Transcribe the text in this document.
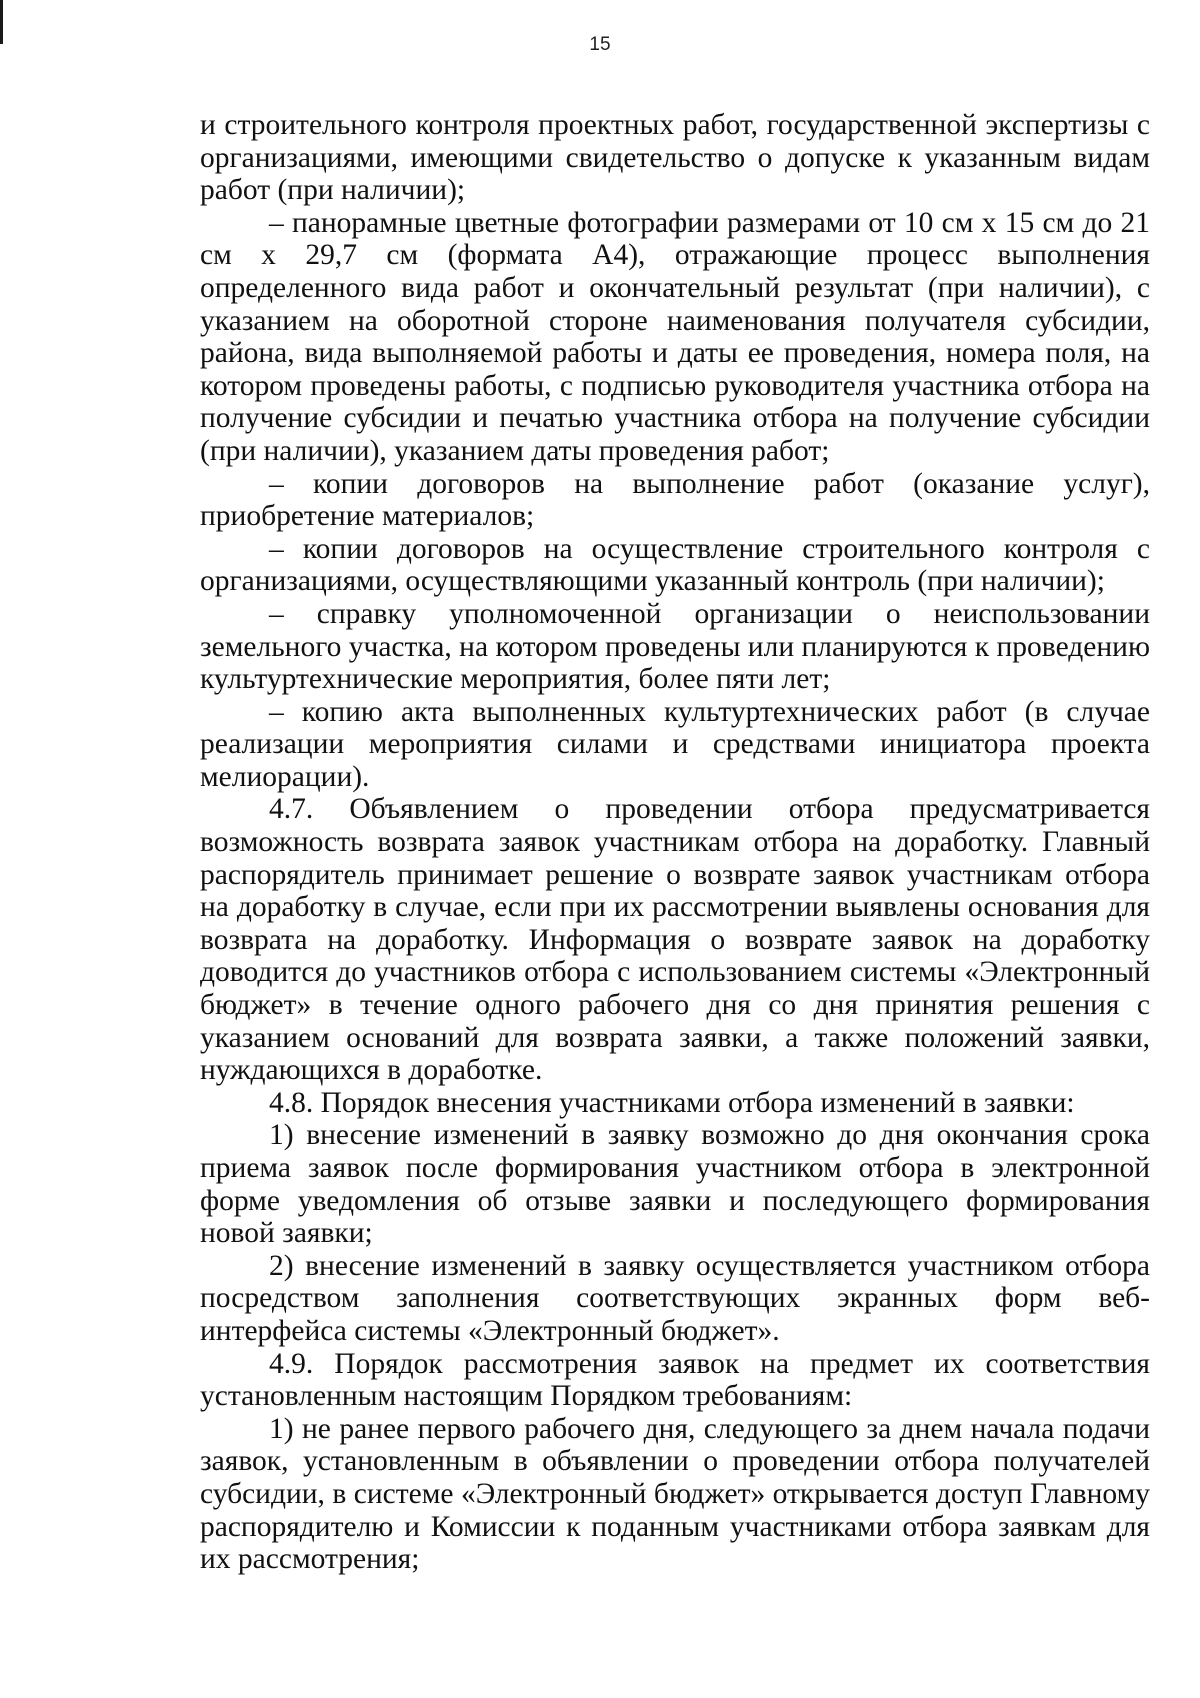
15

и строительного контроля проектных работ, государственной экспертизы с организациями, имеющими свидетельство о допуске к указанным видам работ (при наличии);

– панорамные цветные фотографии размерами от 10 см x 15 см до 21 см x 29,7 см (формата А4), отражающие процесс выполнения определенного вида работ и окончательный результат (при наличии), с указанием на оборотной стороне наименования получателя субсидии, района, вида выполняемой работы и даты ее проведения, номера поля, на котором проведены работы, с подписью руководителя участника отбора на получение субсидии и печатью участника отбора на получение субсидии (при наличии), указанием даты проведения работ;

– копии договоров на выполнение работ (оказание услуг), приобретение материалов;

– копии договоров на осуществление строительного контроля с организациями, осуществляющими указанный контроль (при наличии);

– справку уполномоченной организации о неиспользовании земельного участка, на котором проведены или планируются к проведению культуртехнические мероприятия, более пяти лет;

– копию акта выполненных культуртехнических работ (в случае реализации мероприятия силами и средствами инициатора проекта мелиорации).

4.7. Объявлением о проведении отбора предусматривается возможность возврата заявок участникам отбора на доработку. Главный распорядитель принимает решение о возврате заявок участникам отбора на доработку в случае, если при их рассмотрении выявлены основания для возврата на доработку. Информация о возврате заявок на доработку доводится до участников отбора с использованием системы «Электронный бюджет» в течение одного рабочего дня со дня принятия решения с указанием оснований для возврата заявки, а также положений заявки, нуждающихся в доработке.

4.8. Порядок внесения участниками отбора изменений в заявки:

1) внесение изменений в заявку возможно до дня окончания срока приема заявок после формирования участником отбора в электронной форме уведомления об отзыве заявки и последующего формирования новой заявки;

2) внесение изменений в заявку осуществляется участником отбора посредством заполнения соответствующих экранных форм веб-интерфейса системы «Электронный бюджет».

4.9. Порядок рассмотрения заявок на предмет их соответствия установленным настоящим Порядком требованиям:

1) не ранее первого рабочего дня, следующего за днем начала подачи заявок, установленным в объявлении о проведении отбора получателей субсидии, в системе «Электронный бюджет» открывается доступ Главному распорядителю и Комиссии к поданным участниками отбора заявкам для их рассмотрения;
